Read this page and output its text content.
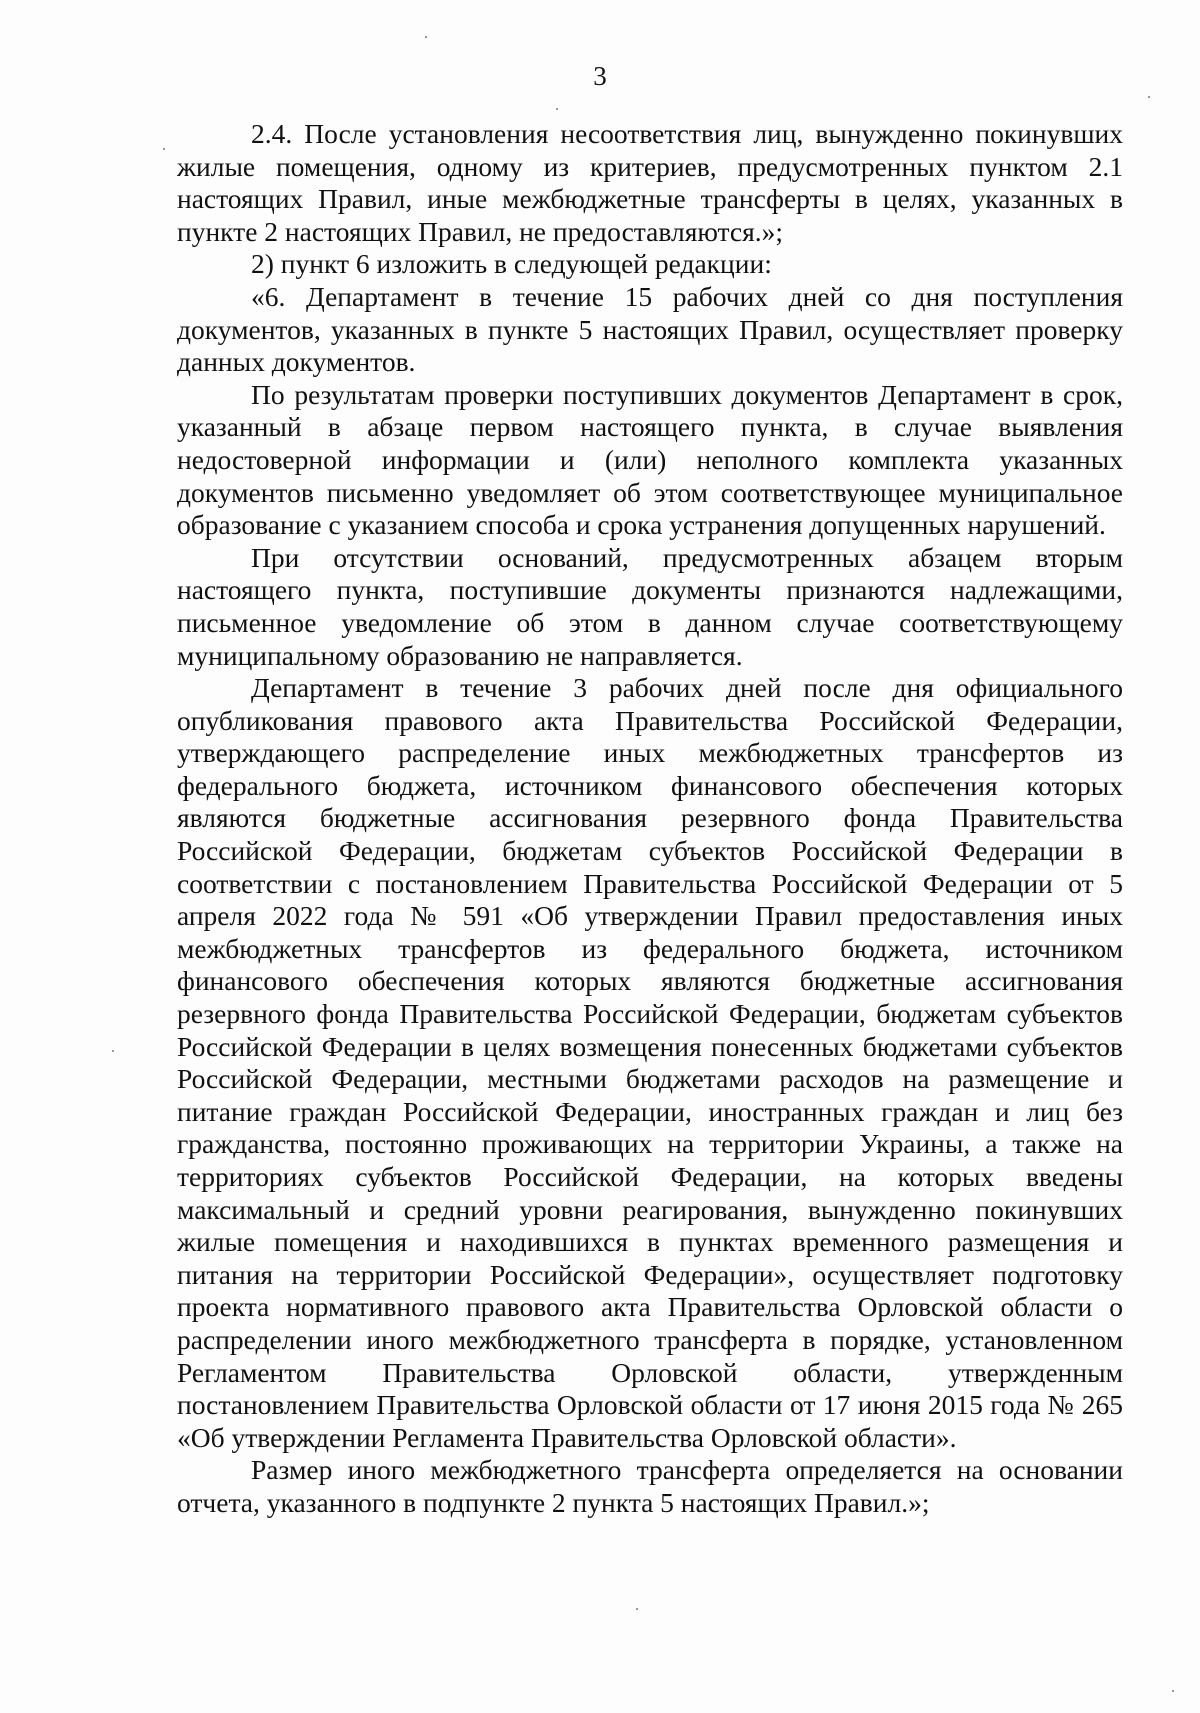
3

2.4. После установления несоответствия лиц, вынужденно покинувших жилые помещения, одному из критериев, предусмотренных пунктом 2.1 настоящих Правил, иные межбюджетные трансферты в целях, указанных в пункте 2 настоящих Правил, не предоставляются.»;

2) пункт 6 изложить в следующей редакции:

«6. Департамент в течение 15 рабочих дней со дня поступления документов, указанных в пункте 5 настоящих Правил, осуществляет проверку данных документов.

По результатам проверки поступивших документов Департамент в срок, указанный в абзаце первом настоящего пункта, в случае выявления недостоверной информации и (или) неполного комплекта указанных документов письменно уведомляет об этом соответствующее муниципальное образование с указанием способа и срока устранения допущенных нарушений.

При отсутствии оснований, предусмотренных абзацем вторым настоящего пункта, поступившие документы признаются надлежащими, письменное уведомление об этом в данном случае соответствующему муниципальному образованию не направляется.

Департамент в течение 3 рабочих дней после дня официального опубликования правового акта Правительства Российской Федерации, утверждающего распределение иных межбюджетных трансфертов из федерального бюджета, источником финансового обеспечения которых являются бюджетные ассигнования резервного фонда Правительства Российской Федерации, бюджетам субъектов Российской Федерации в соответствии с постановлением Правительства Российской Федерации от 5 апреля 2022 года № 591 «Об утверждении Правил предоставления иных межбюджетных трансфертов из федерального бюджета, источником финансового обеспечения которых являются бюджетные ассигнования резервного фонда Правительства Российской Федерации, бюджетам субъектов Российской Федерации в целях возмещения понесенных бюджетами субъектов Российской Федерации, местными бюджетами расходов на размещение и питание граждан Российской Федерации, иностранных граждан и лиц без гражданства, постоянно проживающих на территории Украины, а также на территориях субъектов Российской Федерации, на которых введены максимальный и средний уровни реагирования, вынужденно покинувших жилые помещения и находившихся в пунктах временного размещения и питания на территории Российской Федерации», осуществляет подготовку проекта нормативного правового акта Правительства Орловской области о распределении иного межбюджетного трансферта в порядке, установленном Регламентом Правительства Орловской области, утвержденным постановлением Правительства Орловской области от 17 июня 2015 года № 265 «Об утверждении Регламента Правительства Орловской области».

Размер иного межбюджетного трансферта определяется на основании отчета, указанного в подпункте 2 пункта 5 настоящих Правил.»;
